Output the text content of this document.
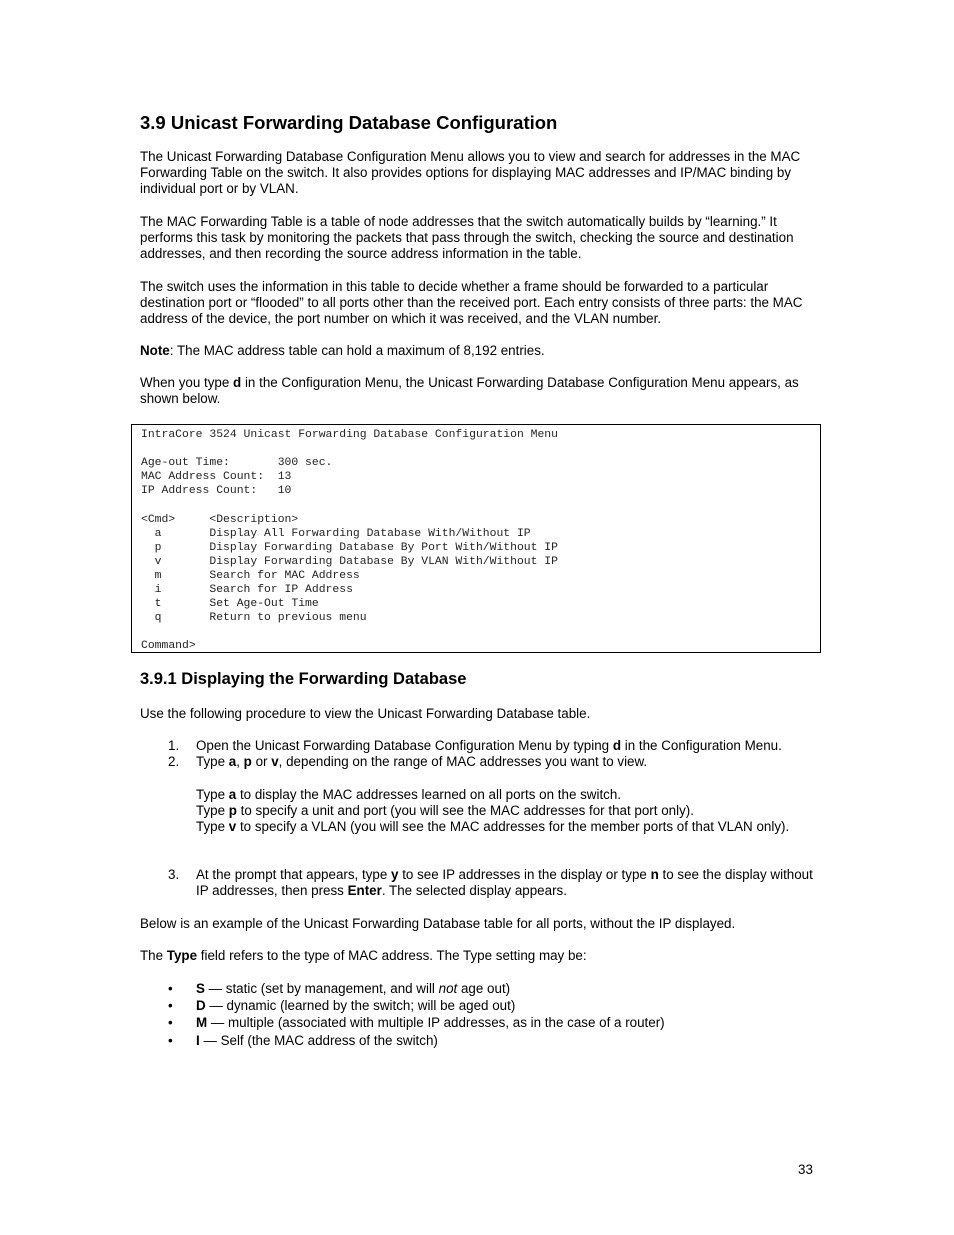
3.9 Unicast Forwarding Database Configuration

The Unicast Forwarding Database Configuration Menu allows you to view and search for addresses in the MAC Forwarding Table on the switch. It also provides options for displaying MAC addresses and IP/MAC binding by individual port or by VLAN.

The MAC Forwarding Table is a table of node addresses that the switch automatically builds by “learning.” It performs this task by monitoring the packets that pass through the switch, checking the source and destination addresses, and then recording the source address information in the table.

The switch uses the information in this table to decide whether a frame should be forwarded to a particular destination port or “flooded” to all ports other than the received port. Each entry consists of three parts: the MAC address of the device, the port number on which it was received, and the VLAN number.

Note: The MAC address table can hold a maximum of 8,192 entries.

When you type d in the Configuration Menu, the Unicast Forwarding Database Configuration Menu appears, as shown below.

IntraCore 3524 Unicast Forwarding Database Configuration Menu
Age-out Time:       300 sec.
MAC Address Count:  13
IP Address Count:   10
<Cmd>     <Description>
a       Display All Forwarding Database With/Without IP
p       Display Forwarding Database By Port With/Without IP
v       Display Forwarding Database By VLAN With/Without IP
m       Search for MAC Address
i       Search for IP Address
t       Set Age-Out Time
q       Return to previous menu
Command>
3.9.1 Displaying the Forwarding Database

Use the following procedure to view the Unicast Forwarding Database table.

1.	Open the Unicast Forwarding Database Configuration Menu by typing d in the Configuration Menu.
2.	Type a, p or v, depending on the range of MAC addresses you want to view.
Type a to display the MAC addresses learned on all ports on the switch.
Type p to specify a unit and port (you will see the MAC addresses for that port only).
Type v to specify a VLAN (you will see the MAC addresses for the member ports of that VLAN only).
3.	At the prompt that appears, type y to see IP addresses in the display or type n to see the display without IP addresses, then press Enter. The selected display appears.

Below is an example of the Unicast Forwarding Database table for all ports, without the IP displayed.

The Type field refers to the type of MAC address. The Type setting may be:

• S — static (set by management, and will not age out)
• D — dynamic (learned by the switch; will be aged out)
• M — multiple (associated with multiple IP addresses, as in the case of a router)
• I — Self (the MAC address of the switch)
33
